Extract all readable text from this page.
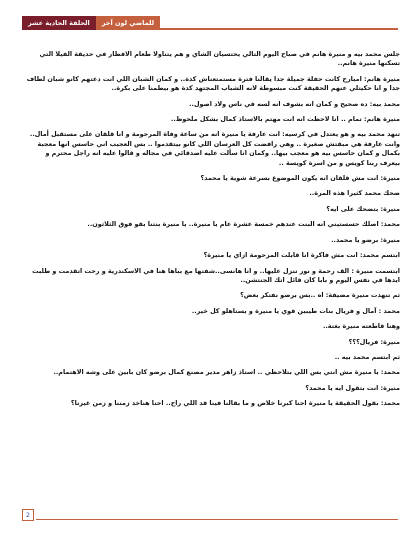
الحلقة الحادية عشر	للماضي لون آخر

جلس محمد بيه و منيرة هانم في صباح اليوم التالي يحتسيان الشاي و هم يتناولا طعام الافطار في حديقة الفيلا التي تسكنها منيرة هانم..

منيرة هانم: امبارح كانت حفلة جميلة جدا يقالنا فترة مستمتعناش كدة.. و كمان الشبان اللي انت دعتهم كانو شبان لطاف جدا و انا حكيتلي عنهم الحقيقة كنت مبسوطة لانه الشباب المجتهد كدة هو بيطمنا على بكرة..

محمد بيه: ده صحيح و كمان انه بشوف انه لسه في ناس ولاد اصول..

منيرة هانم: تمام .. انا لاحظت انه انت مهتم بالاستاذ كمال بشكل ملحوظ..

تنهد محمد بيه و هو يعتدل في كرسيه: انت عارفة يا منيرة انه من ساعة وفاة المرحومة و انا قلقان على مستقبل أمال.. وانت عارفة هي مبقتش صغيرة .. وهي رافضت كل العرسان اللي كانو بيتقدموا .. بس العجيب اني حاسس انها معجبة بكمال و كمان حاسس بيه هو معجب بيها.. وكمان انا سألت عليه اصدقائي في مجاله و قالوا عليه انه راجل محترم و بيعرف ربنا كويس و من اسرة كويسة ..

منيرة: انت مش قلقان انه يكون الموضوع بسرعة شوية يا محمد؟

ضحك محمد كثيرا هذه المرة..

منيرة: بتضحك على ايه؟

محمد: اصلك حسستيني انه البنت عندهم خمسة عشرة عام يا منيرة.. يا منيرة بنتنا بقو فوق الثلاثون..

منيرة: برضو يا محمد..

ابتسم محمد: انت مش فاكرة انا قابلت المرحومة ازاي يا منيرة؟

ابتسمت منيرة : الف رحمة و نور تنزل عليها.. و انا هانسى..شفتها مع بباها هنا في الاسكندرية و رحت اتقدمت و طلبت ايدها في نفس اليوم و بابا كان قائل اتك الجنتشن..

ثم تنهدت منيرة مضيفة: اه ..بس برضو نفتكر بعض؟

محمد : آمال و فريال بنات طيبين قوي يا منيرة و يستاهلو كل خير..

وهنا قاطعته منيرة بغتة..

منيرة: فريال؟؟؟

ثم ابتسم محمد بيه ..

محمد: يا منيرة مش انتي بس اللي بتلاحظي .. استاذ زاهر مدير مصنع كمال برضو كان بابين على وشه الاهتمام..

منيرة: انت بتقول ايه يا محمد؟

محمد: بقول الحقيقة يا منيرة احنا كبرنا خلاص و ما بقالنا فينا قد اللي راح.. احنا هناخد زمننا و زمن غيرنا؟

2
